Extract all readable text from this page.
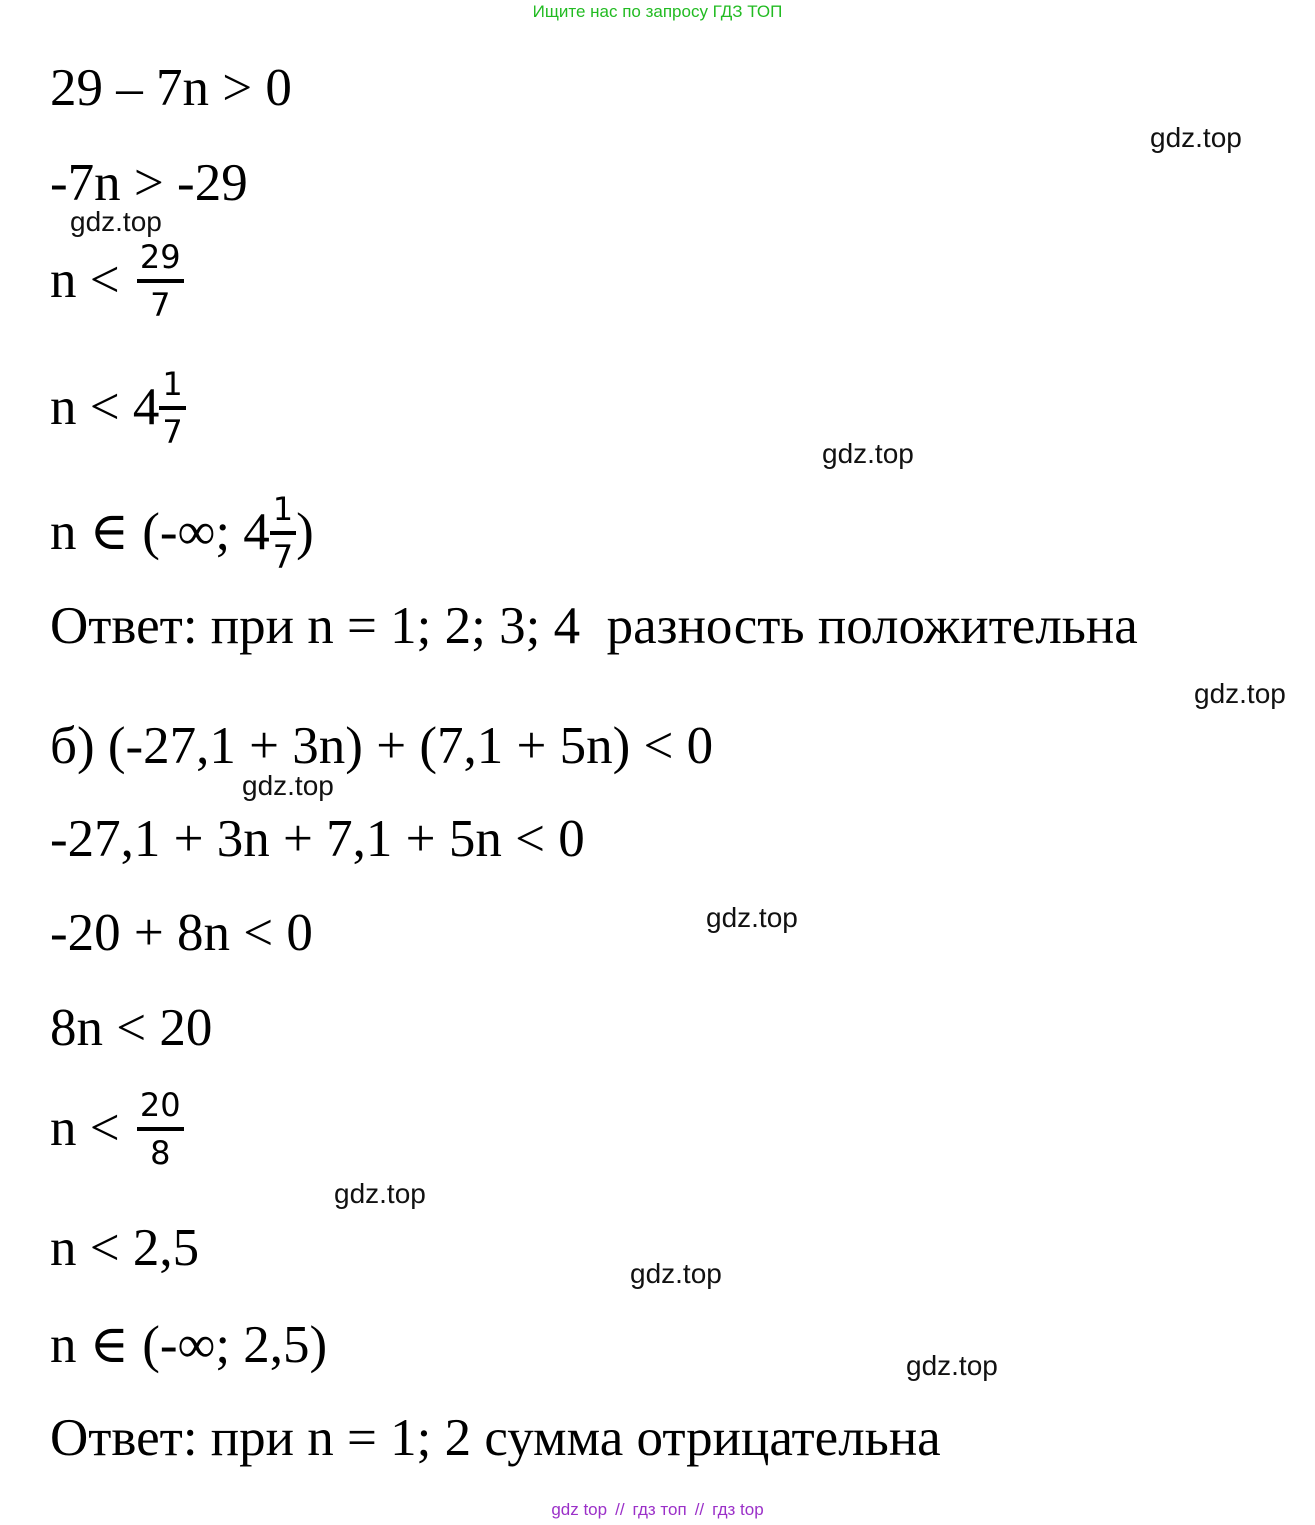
Ищите нас по запросу ГДЗ ТОП
29 – 7n > 0
-7n > -29
$n < \frac{29}{7}$
$n < 4 \frac{1}{7}$
n ∈ (-∞; $4 \frac{1}{7}$ )
Ответ: при n = 1; 2; 3; 4  разность положительна
б) (-27,1 + 3n) + (7,1 + 5n) < 0
-27,1 + 3n + 7,1 + 5n < 0
-20 + 8n < 0
8n < 20
$n < \frac{20}{8}$
n < 2,5
n ∈ (-∞; 2,5)
Ответ: при n = 1; 2 сумма отрицательна
gdz.top
gdz.top
gdz.top
gdz.top
gdz.top
gdz.top
gdz.top
gdz.top
gdz.top
gdz top // гдз топ // гдз top
